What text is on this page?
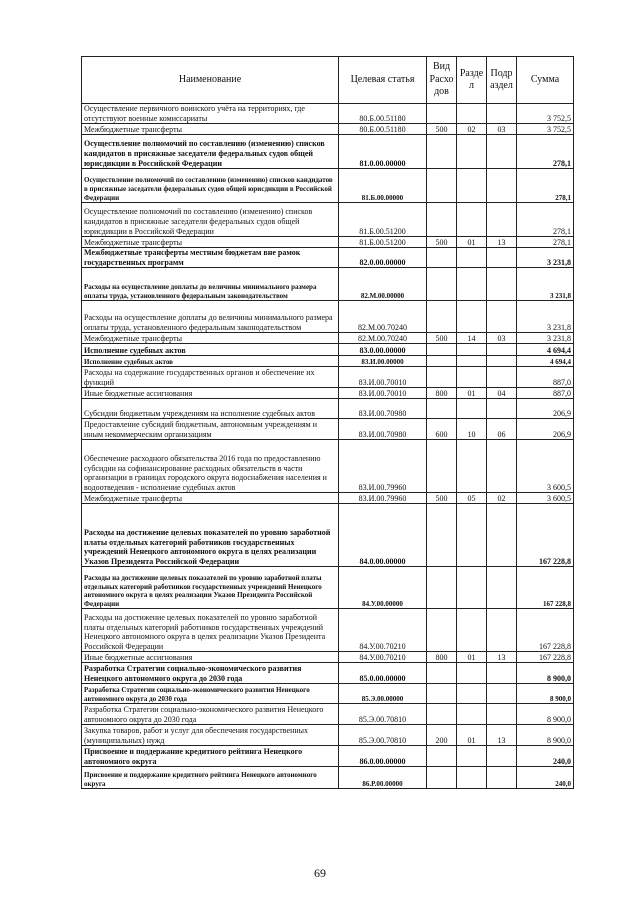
Наименование	Целевая статья	Вид Расхо дов	Разде л	Подр аздел	Сумма
Осуществление первичного воинского учёта на территориях, где отсутствуют военные комиссариаты	80.Б.00.51180				3 752,5
Межбюджетные трансферты	80.Б.00.51180	500	02	03	3 752,5
Осуществление полномочий по составлению (изменению) списков кандидатов в присяжные заседатели федеральных судов общей юрисдикции в Российской Федерации	81.0.00.00000				278,1
Осуществление полномочий по составлению (изменению) списков кандидатов в присяжные заседатели федеральных судов общей юрисдикции в Российской Федерации	81.Б.00.00000				278,1
Осуществление полномочий по составлению (изменению) списков кандидатов в присяжные заседатели федеральных судов общей юрисдикции в Российской Федерации	81.Б.00.51200				278,1
Межбюджетные трансферты	81.Б.00.51200	500	01	13	278,1
Межбюджетные трансферты местным бюджетам вне рамок государственных программ	82.0.00.00000				3 231,8
Расходы на осуществление доплаты до величины минимального размера оплаты труда, установленного федеральным законодательством	82.М.00.00000				3 231,8
Расходы на осуществление доплаты до величины минимального размера оплаты труда, установленного федеральным законодательством	82.М.00.70240				3 231,8
Межбюджетные трансферты	82.М.00.70240	500	14	03	3 231,8
Исполнение судебных актов	83.0.00.00000				4 694,4
Исполнение судебных актов	83.И.00.00000				4 694,4
Расходы на содержание государственных органов и обеспечение их функций	83.И.00.70010				887,0
Иные бюджетные ассигнования	83.И.00.70010	800	01	04	887,0
Субсидии бюджетным учреждениям на исполнение судебных актов	83.И.00.70980				206,9
Предоставление субсидий бюджетным, автономным учреждениям и иным некоммерческим организациям	83.И.00.70980	600	10	06	206,9
Обеспечение расходного обязательства 2016 года по предоставлению субсидии на софинансирование расходных обязательств в части организации в границах городского округа водоснабжения населения и водоотведения - исполнение судебных актов	83.И.00.79960				3 600,5
Межбюджетные трансферты	83.И.00.79960	500	05	02	3 600,5
Расходы на достижение целевых показателей по уровню заработной платы отдельных категорий работников государственных учреждений Ненецкого автономного округа в целях реализации Указов Президента Российской Федерации	84.0.00.00000				167 228,8
Расходы на достижение целевых показателей по уровню заработной платы отдельных категорий работников государственных учреждений Ненецкого автономного округа в целях реализации Указов Президента Российской Федерации	84.У.00.00000				167 228,8
Расходы на достижение целевых показателей по уровню заработной платы отдельных категорий работников государственных учреждений Ненецкого автономного округа в целях реализации Указов Президента Российской Федерации	84.У.00.70210				167 228,8
Иные бюджетные ассигнования	84.У.00.70210	800	01	13	167 228,8
Разработка Стратегии социально-экономического развития Ненецкого автономного округа до 2030 года	85.0.00.00000				8 900,0
Разработка Стратегии социально-экономического развития Ненецкого автономного округа до 2030 года	85.Э.00.00000				8 900,0
Разработка Стратегии социально-экономического развития Ненецкого автономного округа до 2030 года	85.Э.00.70810				8 900,0
Закупка товаров, работ и услуг для обеспечения государственных (муниципальных) нужд	85.Э.00.70810	200	01	13	8 900,0
Присвоение и поддержание кредитного рейтинга Ненецкого автономного округа	86.0.00.00000				240,0
Присвоение и поддержание кредитного рейтинга Ненецкого автономного округа	86.Р.00.00000				240,0
69
